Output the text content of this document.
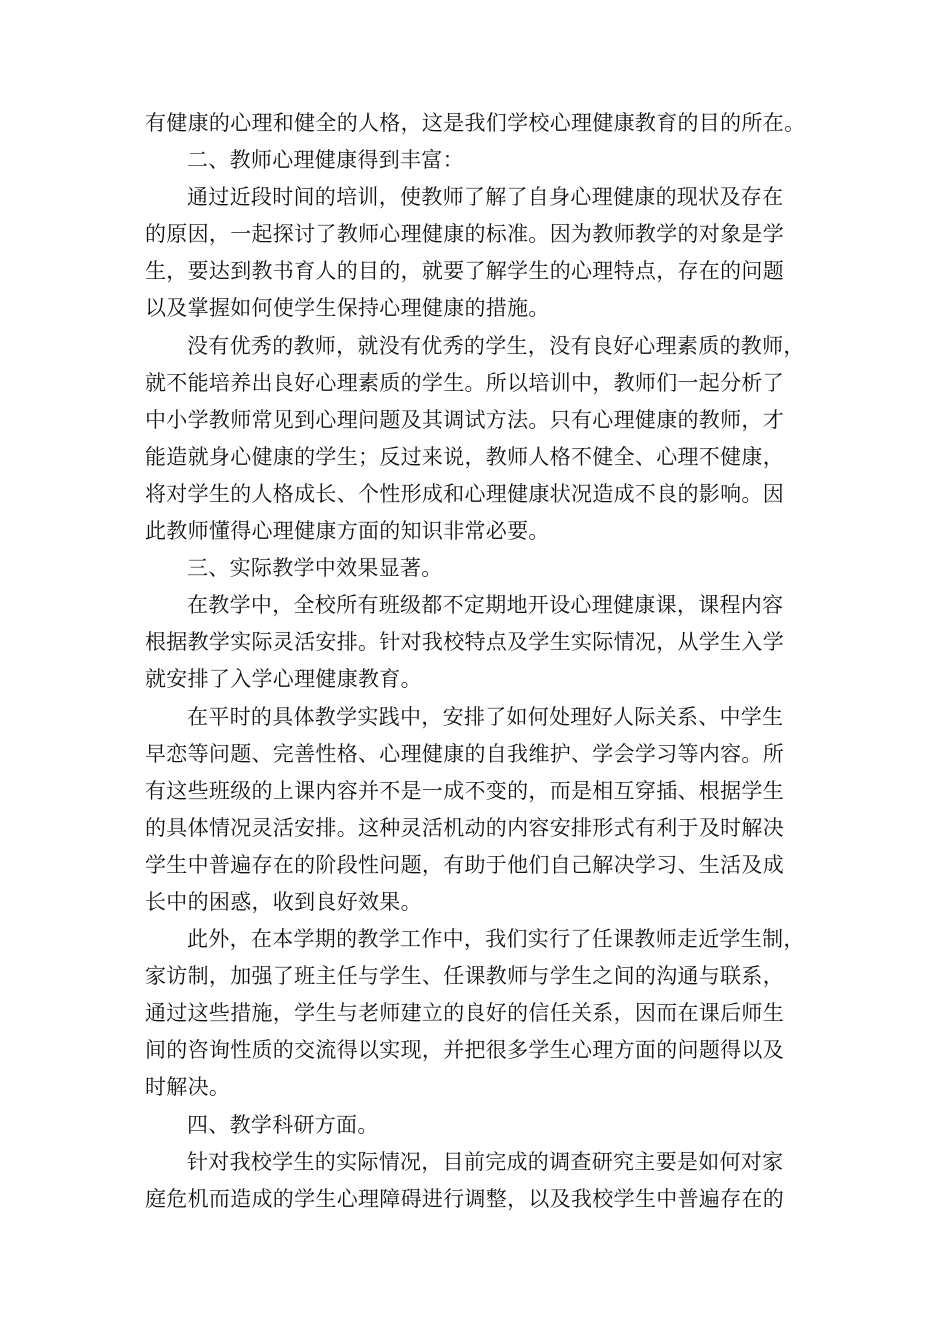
有健康的心理和健全的人格，这是我们学校心理健康教育的目的所在。
二、教师心理健康得到丰富：
通过近段时间的培训，使教师了解了自身心理健康的现状及存在
的原因，一起探讨了教师心理健康的标准。因为教师教学的对象是学
生，要达到教书育人的目的，就要了解学生的心理特点，存在的问题
以及掌握如何使学生保持心理健康的措施。
没有优秀的教师，就没有优秀的学生，没有良好心理素质的教师，
就不能培养出良好心理素质的学生。所以培训中，教师们一起分析了
中小学教师常见到心理问题及其调试方法。只有心理健康的教师，才
能造就身心健康的学生；反过来说，教师人格不健全、心理不健康，
将对学生的人格成长、个性形成和心理健康状况造成不良的影响。因
此教师懂得心理健康方面的知识非常必要。
三、实际教学中效果显著。
在教学中，全校所有班级都不定期地开设心理健康课，课程内容
根据教学实际灵活安排。针对我校特点及学生实际情况，从学生入学
就安排了入学心理健康教育。
在平时的具体教学实践中，安排了如何处理好人际关系、中学生
早恋等问题、完善性格、心理健康的自我维护、学会学习等内容。所
有这些班级的上课内容并不是一成不变的，而是相互穿插、根据学生
的具体情况灵活安排。这种灵活机动的内容安排形式有利于及时解决
学生中普遍存在的阶段性问题，有助于他们自己解决学习、生活及成
长中的困惑，收到良好效果。
此外，在本学期的教学工作中，我们实行了任课教师走近学生制，
家访制，加强了班主任与学生、任课教师与学生之间的沟通与联系，
通过这些措施，学生与老师建立的良好的信任关系，因而在课后师生
间的咨询性质的交流得以实现，并把很多学生心理方面的问题得以及
时解决。
四、教学科研方面。
针对我校学生的实际情况，目前完成的调查研究主要是如何对家
庭危机而造成的学生心理障碍进行调整，以及我校学生中普遍存在的
